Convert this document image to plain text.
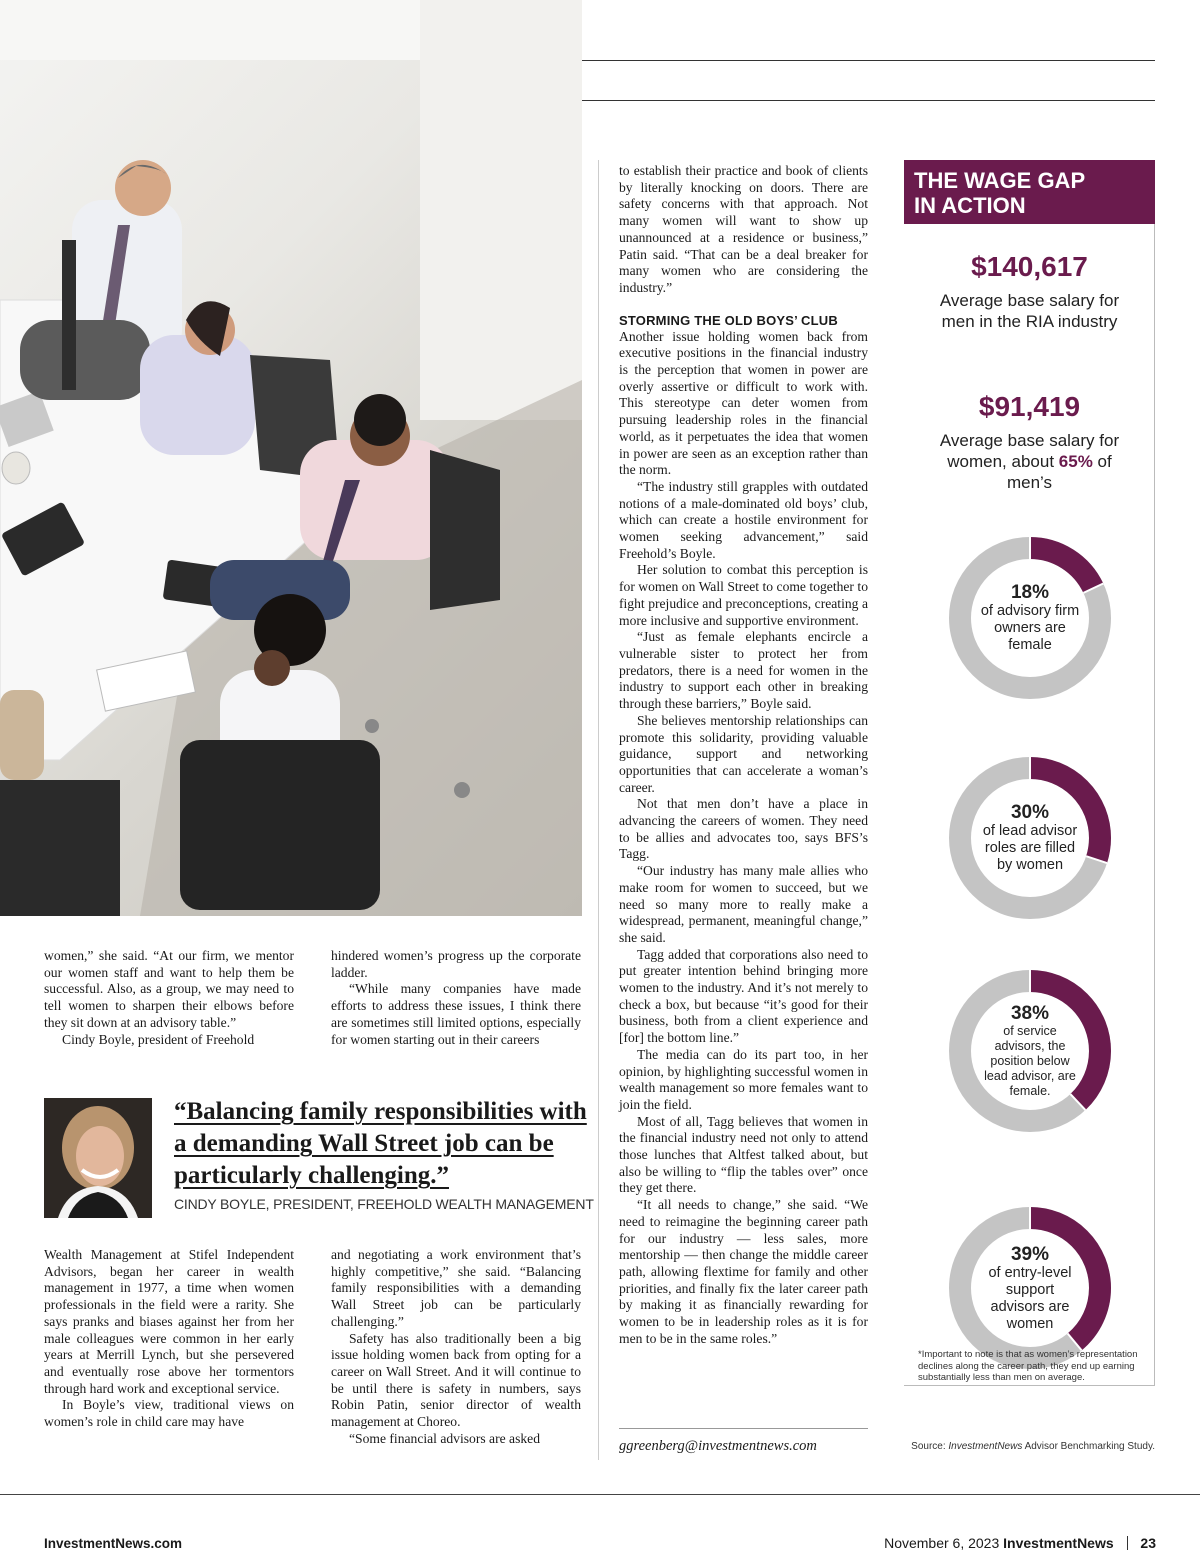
women,” she said. “At our firm, we mentor our women staff and want to help them be successful. Also, as a group, we may need to tell women to sharpen their elbows before they sit down at an advisory table.”

Cindy Boyle, president of Freehold

hindered women’s progress up the corporate ladder.

“While many companies have made efforts to address these issues, I think there are sometimes still limited options, especially for women starting out in their careers

“Balancing family responsibilities with a demanding Wall Street job can be particularly challenging.”
CINDY BOYLE, PRESIDENT, FREEHOLD WEALTH MANAGEMENT

Wealth Management at Stifel Independent Advisors, began her career in wealth management in 1977, a time when women professionals in the field were a rarity. She says pranks and biases against her from her male colleagues were common in her early years at Merrill Lynch, but she persevered and eventually rose above her tormentors through hard work and exceptional service.

In Boyle’s view, traditional views on women’s role in child care may have

and negotiating a work environment that’s highly competitive,” she said. “Balancing family responsibilities with a demanding Wall Street job can be particularly challenging.”

Safety has also traditionally been a big issue holding women back from opting for a career on Wall Street. And it will continue to be until there is safety in numbers, says Robin Patin, senior director of wealth management at Choreo.

“Some financial advisors are asked

to establish their practice and book of clients by literally knocking on doors. There are safety concerns with that approach. Not many women will want to show up unannounced at a residence or business,” Patin said. “That can be a deal breaker for many women who are considering the industry.”

STORMING THE OLD BOYS’ CLUB

Another issue holding women back from executive positions in the financial industry is the perception that women in power are overly assertive or difficult to work with. This stereotype can deter women from pursuing leadership roles in the financial world, as it perpetuates the idea that women in power are seen as an exception rather than the norm.

“The industry still grapples with outdated notions of a male-dominated old boys’ club, which can create a hostile environment for women seeking advancement,” said Freehold’s Boyle.

Her solution to combat this perception is for women on Wall Street to come together to fight prejudice and preconceptions, creating a more inclusive and supportive environment.

“Just as female elephants encircle a vulnerable sister to protect her from predators, there is a need for women in the industry to support each other in breaking through these barriers,” Boyle said.

She believes mentorship relationships can promote this solidarity, providing valuable guidance, support and networking opportunities that can accelerate a woman’s career.

Not that men don’t have a place in advancing the careers of women. They need to be allies and advocates too, says BFS’s Tagg.

“Our industry has many male allies who make room for women to succeed, but we need so many more to really make a widespread, permanent, meaningful change,” she said.

Tagg added that corporations also need to put greater intention behind bringing more women to the industry. And it’s not merely to check a box, but because “it’s good for their business, both from a client experience and [for] the bottom line.”

The media can do its part too, in her opinion, by highlighting successful women in wealth management so more females want to join the field.

Most of all, Tagg believes that women in the financial industry need not only to attend those lunches that Altfest talked about, but also be willing to “flip the tables over” once they get there.

“It all needs to change,” she said. “We need to reimagine the beginning career path for our industry — less sales, more mentorship — then change the middle career path, allowing flextime for family and other priorities, and finally fix the later career path by making it as financially rewarding for women to be in leadership roles as it is for men to be in the same roles.”

ggreenberg@investmentnews.com
THE WAGE GAP
IN ACTION
$140,617
Average base salary for men in the RIA industry
$91,419
Average base salary for women, about 65% of men’s
18%
of advisory firm owners are female
30%
of lead advisor roles are filled by women
38%
of service advisors, the position below lead advisor, are female.
39%
of entry-level support advisors are women
*Important to note is that as women’s representation declines along the career path, they end up earning substantially less than men on average.
Source: InvestmentNews Advisor Benchmarking Study.
InvestmentNews.com	November 6, 2023 InvestmentNews 23
